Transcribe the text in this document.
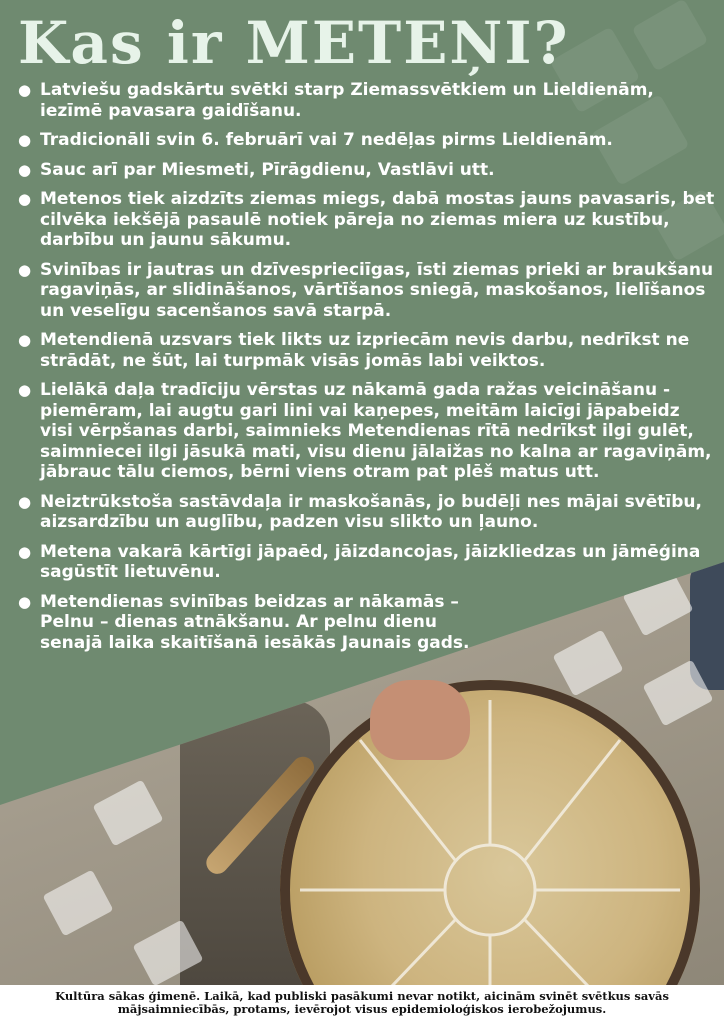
Kas ir METEŅI?
● Latviešu gadskārtu svētki starp Ziemassvētkiem un Lieldienām, iezīmē pavasara gaidīšanu.
● Tradicionāli svin 6. februārī vai 7 nedēļas pirms Lieldienām.
● Sauc arī par Miesmeti, Pīrāgdienu, Vastlāvi utt.
● Metenos tiek aizdzīts ziemas miegs, dabā mostas jauns pavasaris, bet cilvēka iekšējā pasaulē notiek pāreja no ziemas miera uz kustību, darbību un jaunu sākumu.
● Svinības ir jautras un dzīvesprieciīgas, īsti ziemas prieki ar braukšanu ragaviņās, ar slidināšanos, vārtīšanos sniegā, maskošanos, lielīšanos un veselīgu sacenšanos savā starpā.
● Metendienā uzsvars tiek likts uz izpriecām nevis darbu, nedrīkst ne strādāt, ne šūt, lai turpmāk visās jomās labi veiktos.
● Lielākā daļa tradīciju vērstas uz nākamā gada ražas veicināšanu - piemēram, lai augtu gari lini vai kaņepes, meitām laicīgi jāpabeidz visi vērpšanas darbi, saimnieks Metendienas rītā nedrīkst ilgi gulēt, saimniecei ilgi jāsukā mati, visu dienu jālaižas no kalna ar ragaviņām, jābrauc tālu ciemos, bērni viens otram pat plēš matus utt.
● Neiztrūkstoša sastāvdaļa ir maskošanās, jo budēļi nes mājai svētību, aizsardzību un auglību, padzen visu slikto un ļauno.
● Metena vakarā kārtīgi jāpaēd, jāizdancojas, jāizkliedzas un jāmēģina sagūstīt lietuvēnu.
● Metendienas svinības beidzas ar nākamās – Pelnu – dienas atnākšanu. Ar pelnu dienu senajā laika skaitīšanā iesākās Jaunais gads.
Kultūra sākas ģimenē. Laikā, kad publiski pasākumi nevar notikt, aicinām svinēt svētkus savās mājsaimniecībās, protams, ievērojot visus epidemioloģiskos ierobežojumus.
